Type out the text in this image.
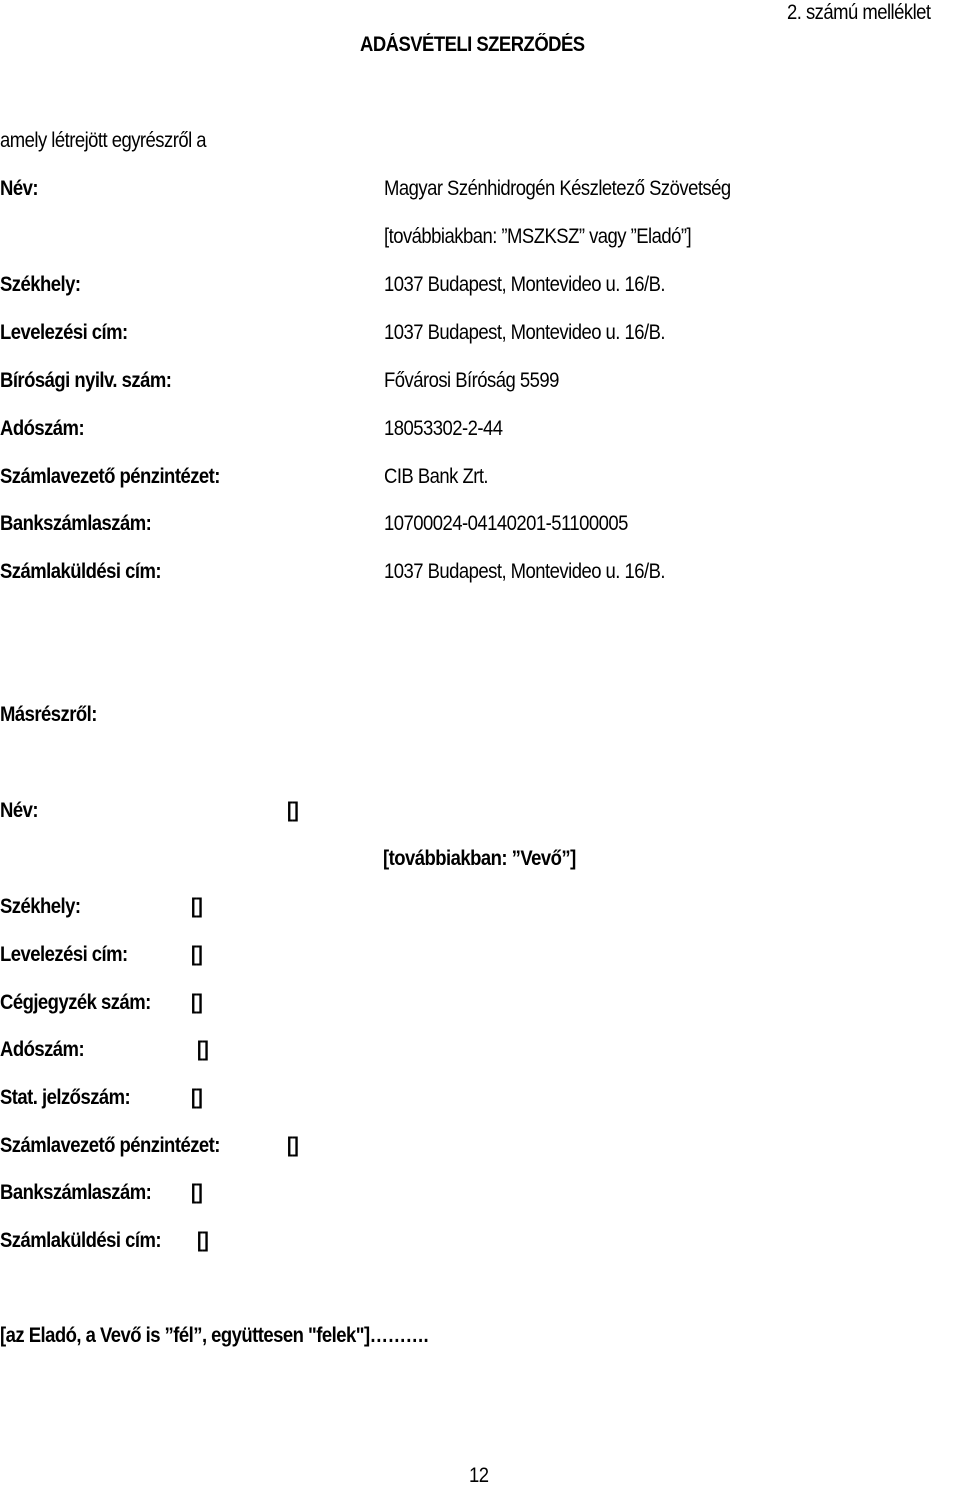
2. számú melléklet
ADÁSVÉTELI SZERZŐDÉS
amely létrejött egyrészről a
Név:	Magyar Szénhidrogén Készletező Szövetség
[továbbiakban: ”MSZKSZ” vagy ”Eladó”]
Székhely:	1037 Budapest, Montevideo u. 16/B.
Levelezési cím:	1037 Budapest, Montevideo u. 16/B.
Bírósági nyilv. szám:	Fővárosi Bíróság 5599
Adószám:	18053302-2-44
Számlavezető pénzintézet:	CIB Bank Zrt.
Bankszámlaszám:	10700024-04140201-51100005
Számlaküldési cím:	1037 Budapest, Montevideo u. 16/B.
Másrészről:
Név:	[]
[továbbiakban: ”Vevő”]
Székhely:	[]
Levelezési cím:	[]
Cégjegyzék szám: []
Adószám:	[]
Stat. jelzőszám:	[]
Számlavezető pénzintézet:	[]
Bankszámlaszám: []
Számlaküldési cím: []
[az Eladó, a Vevő is ”fél”, együttesen "felek"]……….
12
